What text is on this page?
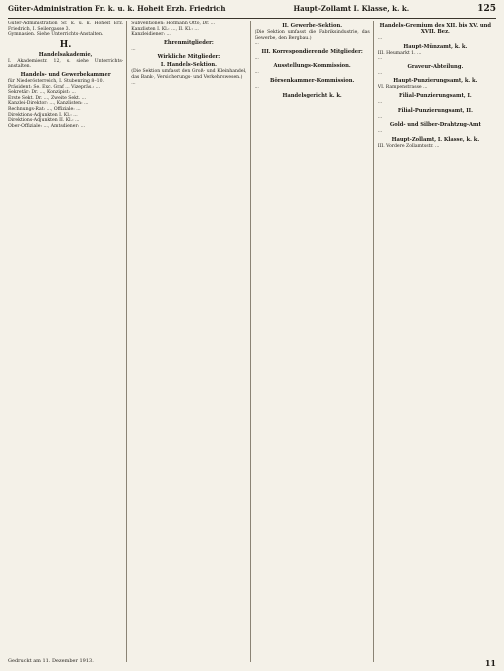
Güter-Administration Fr. k. u. k. Hoheit Erzh. Friedrich	Haupt-Zollamt I. Klasse, k. k.	125
Güter-Administration Sr. k. u. k. Hoheit Erz. Friedrich, I. Seilergasse 3.
Gymnasien. Siehe Unterrichts-Anstalten.
H.
Handelsakademie,
I. Akademiestr. 12, s. siehe Unterrichts-anstalten.
Handels- und Gewerbekammer
für Niederösterreich, I. Stubenring 8–10.
Präsident: Se. Exc. Graf ... Vizepräs.: ...
Sekretär: Dr. ..., Konzipist: ...
Erste Sekt. Dr. ..., Zweite Sekt. ...
Kanzlei-Direktor: ..., Kanzlisten: ...
Rechnungs-Rat: ..., Offiziale: ...
Direktions-Adjunkten I. Kl.: ...
Direktions-Adjunkten II. Kl.: ...
Ober-Offiziale: ..., Amtsdiener: ...
Subventionen: Hofmann Otto, Dr. ...
Kanzlisten I. Kl.: ..., II. Kl.: ...
Kanzleidiener: ...
Ehrenmitglieder:
...
Wirkliche Mitglieder:
I. Handels-Sektion.
(Die Sektion umfasst den Groß- und Kleinhandel, das Bank-, Versicherungs- und Verkehrswesen.)
...
II. Gewerbe-Sektion.
(Die Sektion umfasst die Fabriksindustrie, das Gewerbe, den Bergbau.)
...
III. Korrespondierende Mitglieder:
...
Ausstellungs-Kommission.
...
Börsenkammer-Kommission.
...
Handelsgericht k. k.
Handels-Gremium des XII. bis XV. und XVII. Bez.
...
Haupt-Münzamt, k. k.
III. Heumarkt 1. ...
...
Graveur-Abteilung.
...
Haupt-Punzierungsamt, k. k.
VI. Rampenstrasse ...
Filial-Punzierungsamt, I.
...
Filial-Punzierungsamt, II.
...
Gold- und Silber-Drahtzug-Amt
...
Haupt-Zollamt, I. Klasse, k. k.
III. Vordere Zollamtsstr. ...
Gedruckt am 11. Dezember 1913.	11
